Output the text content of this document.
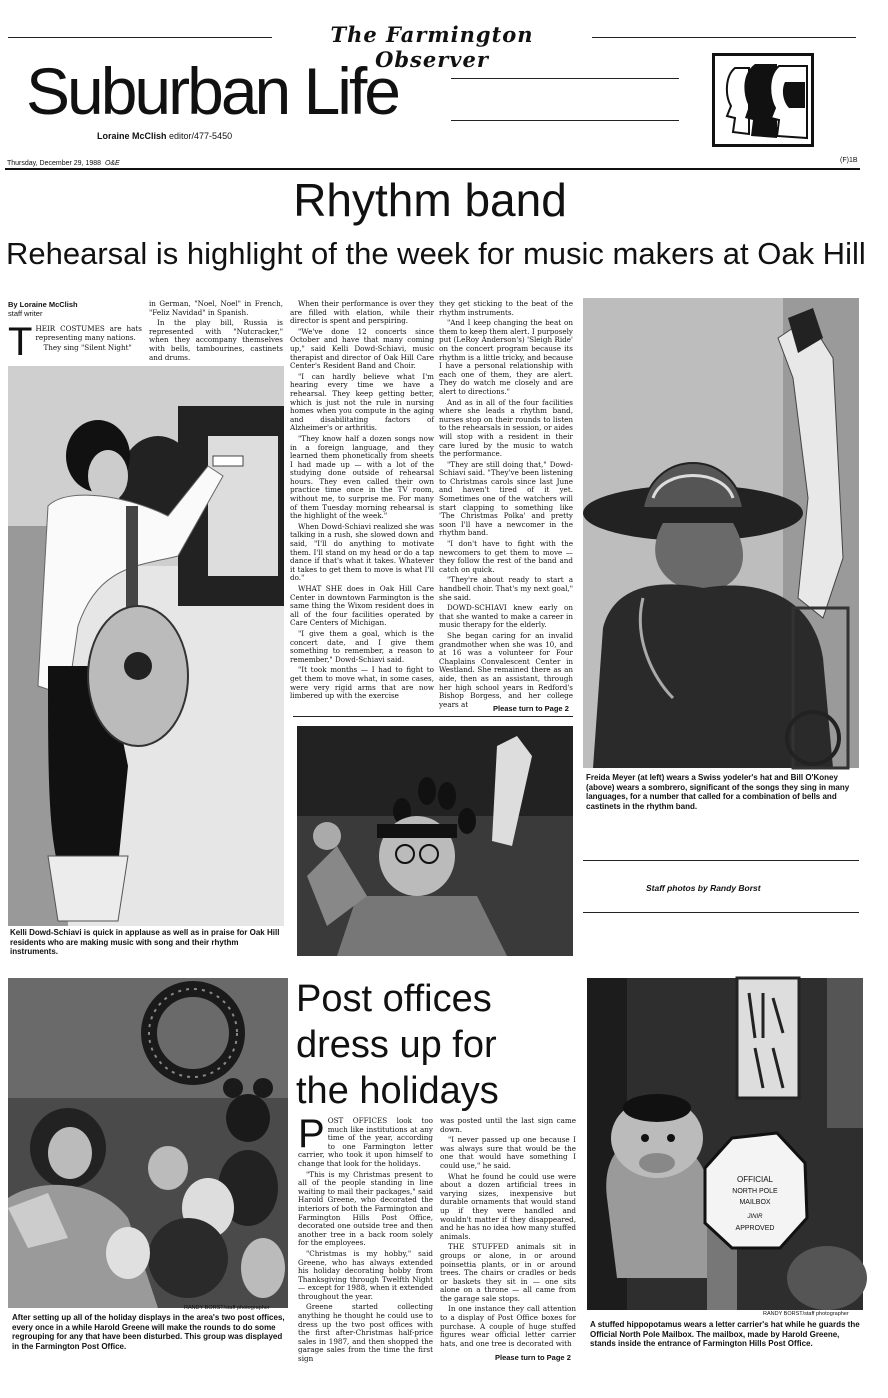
The Farmington Observer
Suburban Life
Loraine McClish editor/477-5450
Thursday, December 29, 1988 O&E	(F)1B
Rhythm band
Rehearsal is highlight of the week for music makers at Oak Hill
By Loraine McClish
staff writer
T HEIR COSTUMES are hats representing many nations.

They sing "Silent Night"

in German, "Noel, Noel" in French, "Feliz Navidad" in Spanish.

In the play bill, Russia is represented with "Nutcracker," when they accompany themselves with bells, tambourines, castinets and drums.

Kelli Dowd-Schiavi is quick in applause as well as in praise for Oak Hill residents who are making music with song and their rhythm instruments.

When their performance is over they are filled with elation, while their director is spent and perspiring.

"We've done 12 concerts since October and have that many coming up," said Kelli Dowd-Schiavi, music therapist and director of Oak Hill Care Center's Resident Band and Choir.

"I can hardly believe what I'm hearing every time we have a rehearsal. They keep getting better, which is just not the rule in nursing homes when you compute in the aging and disabilitating factors of Alzheimer's or arthritis.

"They know half a dozen songs now in a foreign language, and they learned them phonetically from sheets I had made up — with a lot of the studying done outside of rehearsal hours. They even called their own practice time once in the TV room, without me, to surprise me. For many of them Tuesday morning rehearsal is the highlight of the week."

When Dowd-Schiavi realized she was talking in a rush, she slowed down and said, "I'll do anything to motivate them. I'll stand on my head or do a tap dance if that's what it takes. Whatever it takes to get them to move is what I'll do."

WHAT SHE does in Oak Hill Care Center in downtown Farmington is the same thing the Wixom resident does in all of the four facilities operated by Care Centers of Michigan.

"I give them a goal, which is the concert date, and I give them something to remember, a reason to remember," Dowd-Schiavi said.

"It took months — I had to fight to get them to move what, in some cases, were very rigid arms that are now limbered up with the exercise

they get sticking to the beat of the rhythm instruments.

"And I keep changing the beat on them to keep them alert. I purposely put (LeRoy Anderson's) 'Sleigh Ride' on the concert program because its rhythm is a little tricky, and because I have a personal relationship with each one of them, they are alert. They do watch me closely and are alert to directions."

And as in all of the four facilities where she leads a rhythm band, nurses stop on their rounds to listen to the rehearsals in session, or aides will stop with a resident in their care lured by the music to watch the performance.

"They are still doing that," Dowd-Schiavi said. "They've been listening to Christmas carols since last June and haven't tired of it yet. Sometimes one of the watchers will start clapping to something like 'The Christmas Polka' and pretty soon I'll have a newcomer in the rhythm band.

"I don't have to fight with the newcomers to get them to move — they follow the rest of the band and catch on quick.

"They're about ready to start a handbell choir. That's my next goal," she said.

DOWD-SCHIAVI knew early on that she wanted to make a career in music therapy for the elderly.

She began caring for an invalid grandmother when she was 10, and at 16 was a volunteer for Four Chaplains Convalescent Center in Westland. She remained there as an aide, then as an assistant, through her high school years in Redford's Bishop Borgess, and her college years at	Please turn to Page 2
Freida Meyer (at left) wears a Swiss yodeler's hat and Bill O'Koney (above) wears a sombrero, significant of the songs they sing in many languages, for a number that called for a combination of bells and castinets in the rhythm band.
Staff photos by Randy Borst
RANDY BORST/staff photographer
After setting up all of the holiday displays in the area's two post offices, every once in a while Harold Greene will make the rounds to do some regrouping for any that have been disturbed. This group was displayed in the Farmington Post Office.
Post offices
dress up for
the holidays
P OST OFFICES look too much like institutions at any time of the year, according to one Farmington letter carrier, who took it upon himself to change that look for the holidays.

"This is my Christmas present to all of the people standing in line waiting to mail their packages," said Harold Greene, who decorated the interiors of both the Farmington and Farmington Hills Post Office, decorated one outside tree and then another tree in a back room solely for the employees.

"Christmas is my hobby," said Greene, who has always extended his holiday decorating hobby from Thanksgiving through Twelfth Night — except for 1988, when it extended throughout the year.

Greene started collecting anything he thought he could use to dress up the two post offices with the first after-Christmas half-price sales in 1987, and then shopped the garage sales from the time the first sign

was posted until the last sign came down.

"I never passed up one because I was always sure that would be the one that would have something I could use," he said.

What he found he could use were about a dozen artificial trees in varying sizes, inexpensive but durable ornaments that would stand up if they were handled and wouldn't matter if they disappeared, and he has no idea how many stuffed animals.

THE STUFFED animals sit in groups or alone, in or around poinsettia plants, or in or around trees. The chairs or cradles or beds or baskets they sit in — one sits alone on a throne — all came from the garage sale stops.

In one instance they call attention to a display of Post Office boxes for purchase. A couple of huge stuffed figures wear official letter carrier hats, and one tree is decorated with

Please turn to Page 2
OFFICIAL
NORTH POLE
MAILBOX
JINIR
APPROVED
RANDY BORST/staff photographer
A stuffed hippopotamus wears a letter carrier's hat while he guards the Official North Pole Mailbox. The mailbox, made by Harold Greene, stands inside the entrance of Farmington Hills Post Office.
